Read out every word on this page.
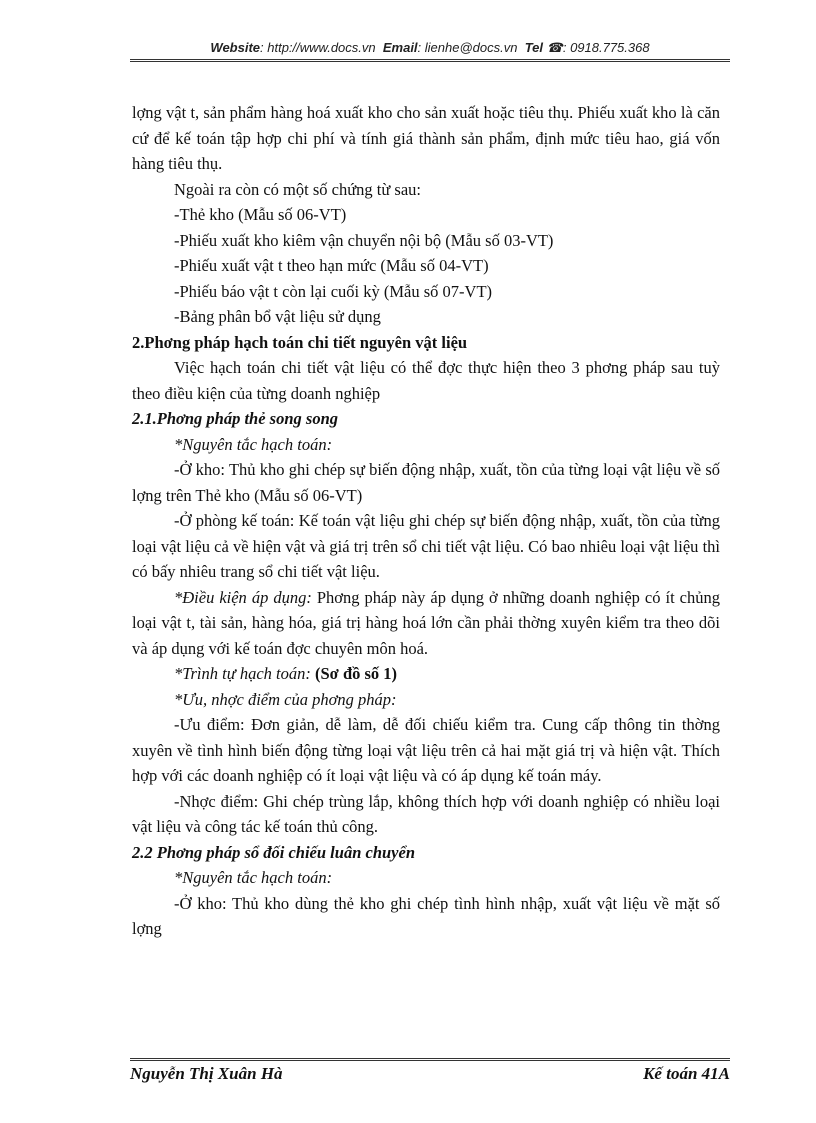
Website: http://www.docs.vn Email: lienhe@docs.vn Tel ☎: 0918.775.368

lợng vật t, sản phẩm hàng hoá xuất kho cho sản xuất hoặc tiêu thụ. Phiếu xuất kho là căn cứ để kế toán tập hợp chi phí và tính giá thành sản phẩm, định mức tiêu hao, giá vốn hàng tiêu thụ.

Ngoài ra còn có một số chứng từ sau:

-Thẻ kho (Mẫu số 06-VT)

-Phiếu xuất kho kiêm vận chuyển nội bộ (Mẫu số 03-VT)

-Phiếu xuất vật t theo hạn mức (Mẫu số 04-VT)

-Phiếu báo vật t còn lại cuối kỳ (Mẫu số 07-VT)

-Bảng phân bổ vật liệu sử dụng

2.Phơng pháp hạch toán chi tiết nguyên vật liệu

Việc hạch toán chi tiết vật liệu có thể đợc thực hiện theo 3 phơng pháp sau tuỳ theo điều kiện của từng doanh nghiệp

2.1.Phơng pháp thẻ song song

*Nguyên tắc hạch toán:

-Ở kho: Thủ kho ghi chép sự biến động nhập, xuất, tồn của từng loại vật liệu về số lợng trên Thẻ kho (Mẫu số 06-VT)

-Ở phòng kế toán: Kế toán vật liệu ghi chép sự biến động nhập, xuất, tồn của từng loại vật liệu cả về hiện vật và giá trị trên sổ chi tiết vật liệu. Có bao nhiêu loại vật liệu thì có bấy nhiêu trang sổ chi tiết vật liệu.

*Điều kiện áp dụng: Phơng pháp này áp dụng ở những doanh nghiệp có ít chủng loại vật t, tài sản, hàng hóa, giá trị hàng hoá lớn cần phải thờng xuyên kiểm tra theo dõi và áp dụng với kế toán đợc chuyên môn hoá.

*Trình tự hạch toán: (Sơ đồ số 1)

*Ưu, nhợc điểm của phơng pháp:

-Ưu điểm: Đơn giản, dễ làm, dễ đối chiếu kiểm tra. Cung cấp thông tin thờng xuyên về tình hình biến động từng loại vật liệu trên cả hai mặt giá trị và hiện vật. Thích hợp với các doanh nghiệp có ít loại vật liệu và có áp dụng kế toán máy.

-Nhợc điểm: Ghi chép trùng lắp, không thích hợp với doanh nghiệp có nhiều loại vật liệu và công tác kế toán thủ công.

2.2 Phơng pháp sổ đối chiếu luân chuyển

*Nguyên tắc hạch toán:

-Ở kho: Thủ kho dùng thẻ kho ghi chép tình hình nhập, xuất vật liệu về mặt số lợng

Nguyễn Thị Xuân Hà	Kế toán 41A
